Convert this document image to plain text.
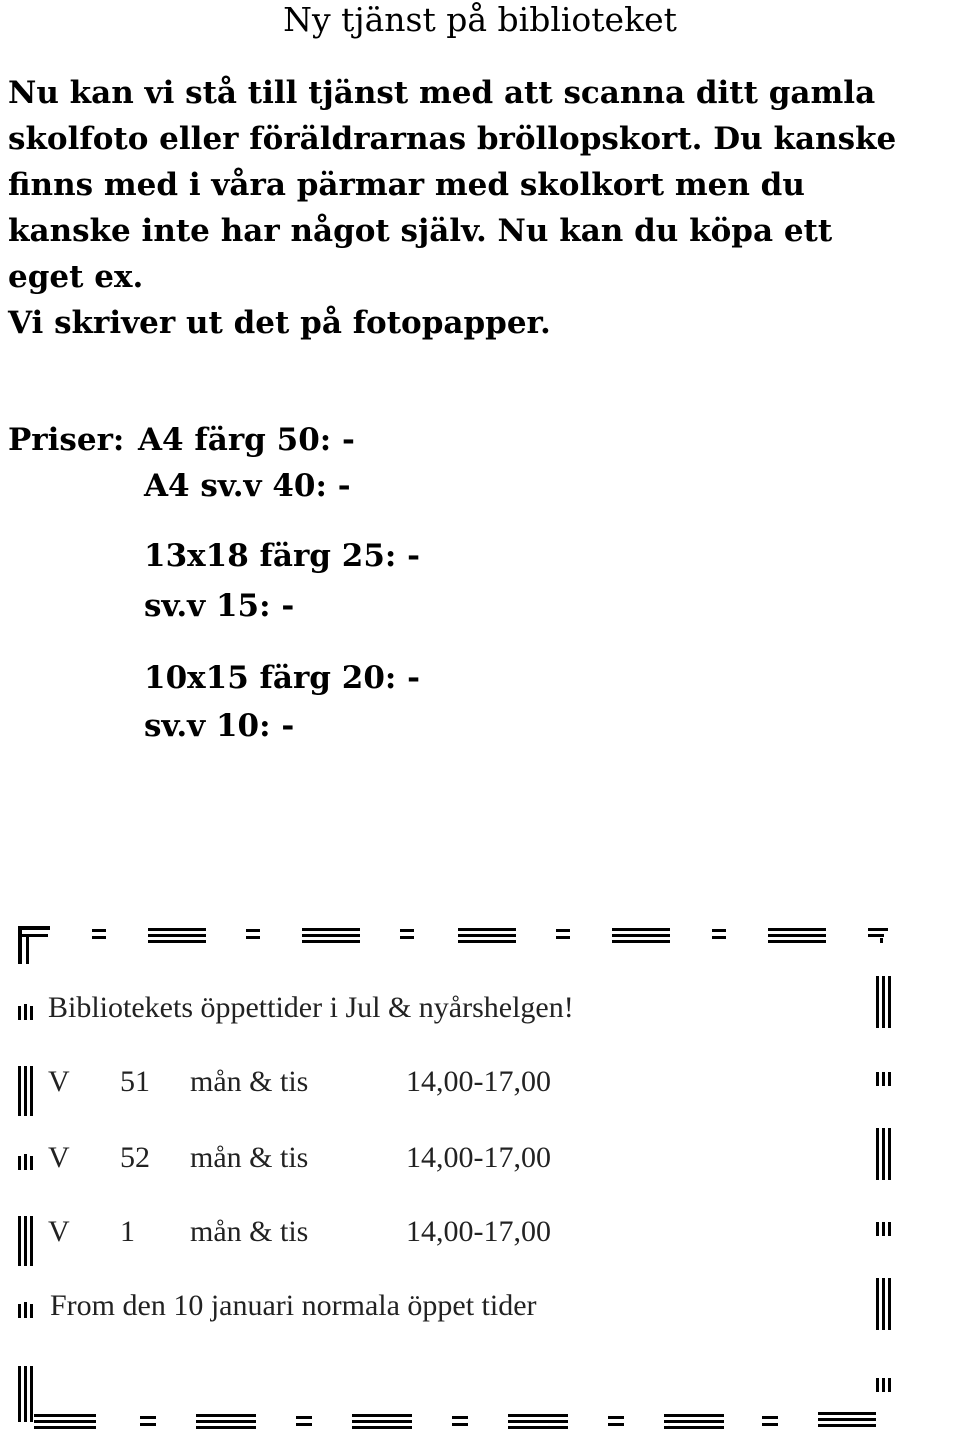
Ny tjänst på biblioteket
Nu kan vi stå till tjänst med att scanna ditt gamla
skolfoto eller föräldrarnas bröllopskort. Du kanske
finns med i våra pärmar med skolkort men du
kanske inte har något själv. Nu kan du köpa ett
eget ex.
Vi skriver ut det på fotopapper.
Priser: A4 färg 50: -
A4 sv.v 40: -
13x18 färg 25: -
sv.v 15: -
10x15 färg 20: -
sv.v 10: -
Bibliotekets öppettider i Jul & nyårshelgen!
V 51 mån & tis	14,00-17,00
V 52 mån & tis	14,00-17,00
V 1 mån & tis	14,00-17,00
From den 10 januari normala öppet tider
